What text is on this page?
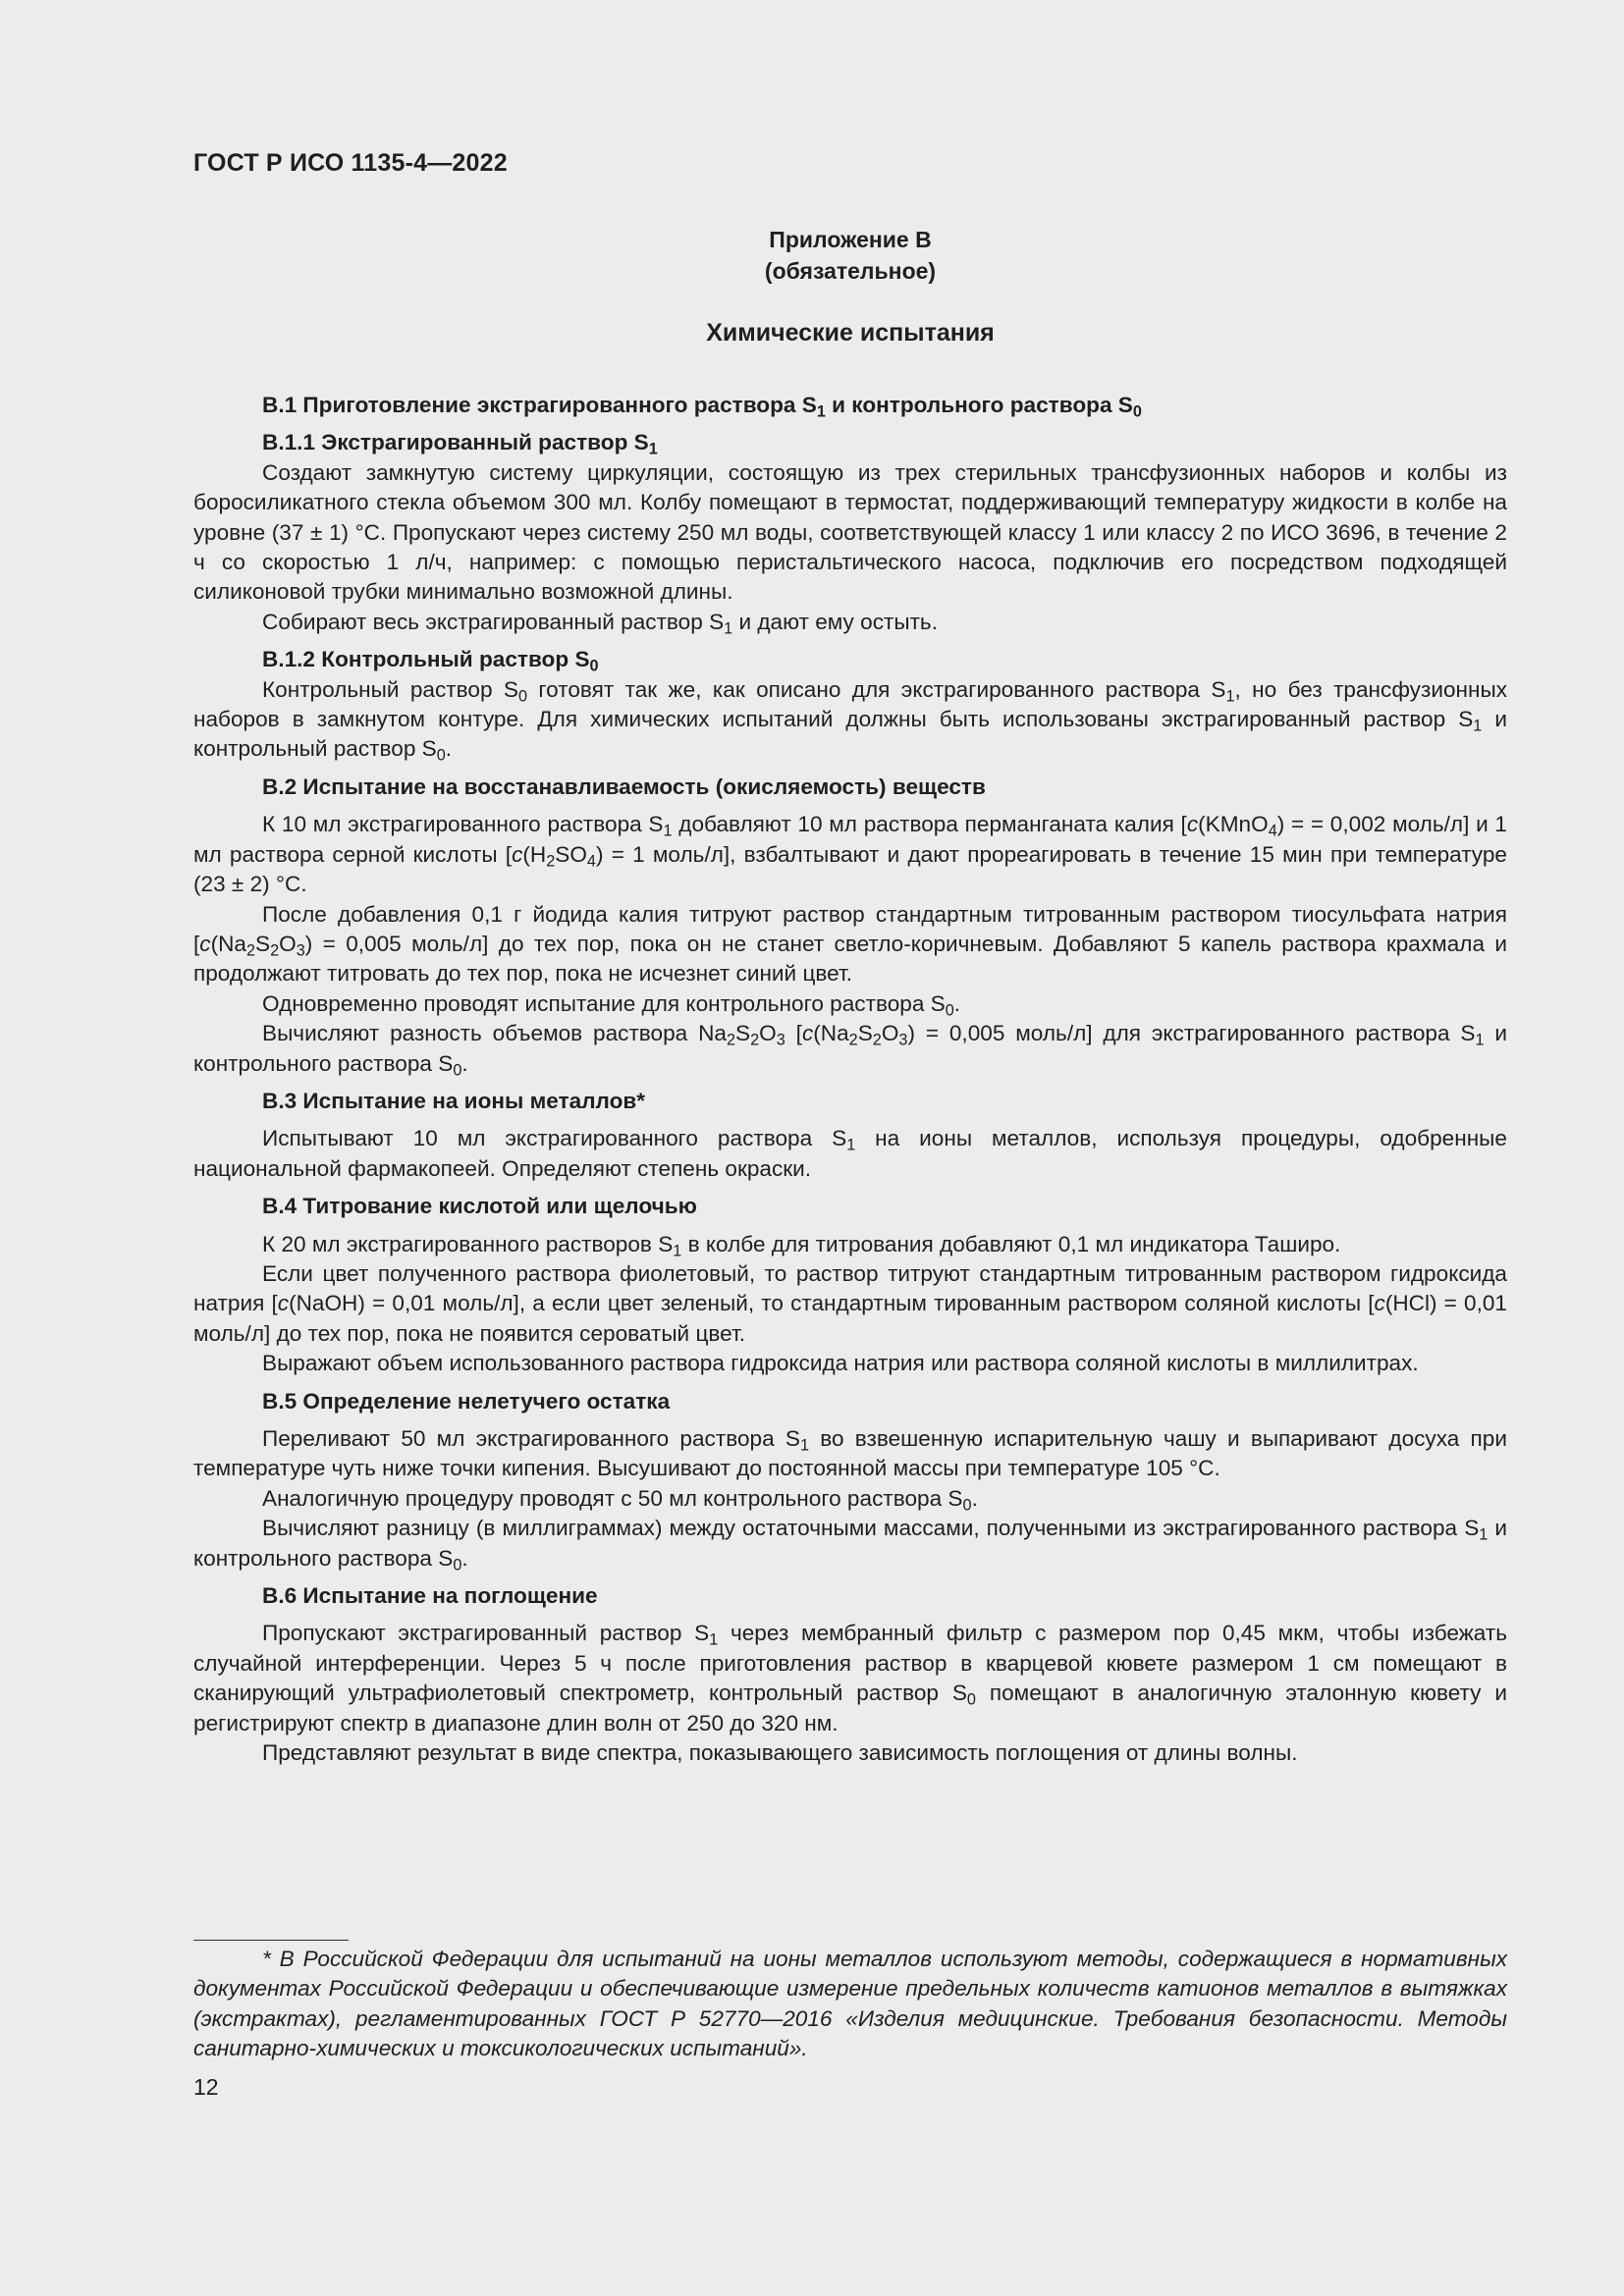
ГОСТ Р ИСО 1135-4—2022
Приложение В
(обязательное)
Химические испытания
В.1 Приготовление экстрагированного раствора $S_1$ и контрольного раствора $S_0$
В.1.1 Экстрагированный раствор $S_1$

Создают замкнутую систему циркуляции, состоящую из трех стерильных трансфузионных наборов и колбы из боросиликатного стекла объемом 300 мл. Колбу помещают в термостат, поддерживающий температуру жидкости в колбе на уровне (37 ± 1) °С. Пропускают через систему 250 мл воды, соответствующей классу 1 или классу 2 по ИСО 3696, в течение 2 ч со скоростью 1 л/ч, например: с помощью перистальтического насоса, подключив его посредством подходящей силиконовой трубки минимально возможной длины.

Собирают весь экстрагированный раствор $S_1$ и дают ему остыть.

В.1.2 Контрольный раствор $S_0$

Контрольный раствор $S_0$ готовят так же, как описано для экстрагированного раствора $S_1$, но без трансфузионных наборов в замкнутом контуре. Для химических испытаний должны быть использованы экстрагированный раствор $S_1$ и контрольный раствор $S_0$.

В.2 Испытание на восстанавливаемость (окисляемость) веществ

К 10 мл экстрагированного раствора $S_1$ добавляют 10 мл раствора перманганата калия [c(KMnO$_4$) = = 0,002 моль/л] и 1 мл раствора серной кислоты [$c(H_2SO_4) = 1$ моль/л], взбалтывают и дают прореагировать в течение 15 мин при температуре (23 ± 2) °С.

После добавления 0,1 г йодида калия титруют раствор стандартным титрованным раствором тиосульфата натрия [$c(Na_2S_2O_3) = 0,005$ моль/л] до тех пор, пока он не станет светло-коричневым. Добавляют 5 капель раствора крахмала и продолжают титровать до тех пор, пока не исчезнет синий цвет.

Одновременно проводят испытание для контрольного раствора $S_0$.

Вычисляют разность объемов раствора $Na_2S_2O_3$ [$c(Na_2S_2O_3) = 0,005$ моль/л] для экстрагированного раствора $S_1$ и контрольного раствора $S_0$.

В.3 Испытание на ионы металлов*

Испытывают 10 мл экстрагированного раствора $S_1$ на ионы металлов, используя процедуры, одобренные национальной фармакопеей. Определяют степень окраски.

В.4 Титрование кислотой или щелочью

К 20 мл экстрагированного растворов $S_1$ в колбе для титрования добавляют 0,1 мл индикатора Таширо.

Если цвет полученного раствора фиолетовый, то раствор титруют стандартным титрованным раствором гидроксида натрия [c(NaOH) = 0,01 моль/л], а если цвет зеленый, то стандартным тированным раствором соляной кислоты [c(HCl) = 0,01 моль/л] до тех пор, пока не появится сероватый цвет.

Выражают объем использованного раствора гидроксида натрия или раствора соляной кислоты в миллилитрах.

В.5 Определение нелетучего остатка

Переливают 50 мл экстрагированного раствора $S_1$ во взвешенную испарительную чашу и выпаривают досуха при температуре чуть ниже точки кипения. Высушивают до постоянной массы при температуре 105 °С.

Аналогичную процедуру проводят с 50 мл контрольного раствора $S_0$.

Вычисляют разницу (в миллиграммах) между остаточными массами, полученными из экстрагированного раствора $S_1$ и контрольного раствора $S_0$.

В.6 Испытание на поглощение

Пропускают экстрагированный раствор $S_1$ через мембранный фильтр с размером пор 0,45 мкм, чтобы избежать случайной интерференции. Через 5 ч после приготовления раствор в кварцевой кювете размером 1 см помещают в сканирующий ультрафиолетовый спектрометр, контрольный раствор $S_0$ помещают в аналогичную эталонную кювету и регистрируют спектр в диапазоне длин волн от 250 до 320 нм.

Представляют результат в виде спектра, показывающего зависимость поглощения от длины волны.

* В Российской Федерации для испытаний на ионы металлов используют методы, содержащиеся в нормативных документах Российской Федерации и обеспечивающие измерение предельных количеств катионов металлов в вытяжках (экстрактах), регламентированных ГОСТ Р 52770—2016 «Изделия медицинские. Требования безопасности. Методы санитарно-химических и токсикологических испытаний».
12
